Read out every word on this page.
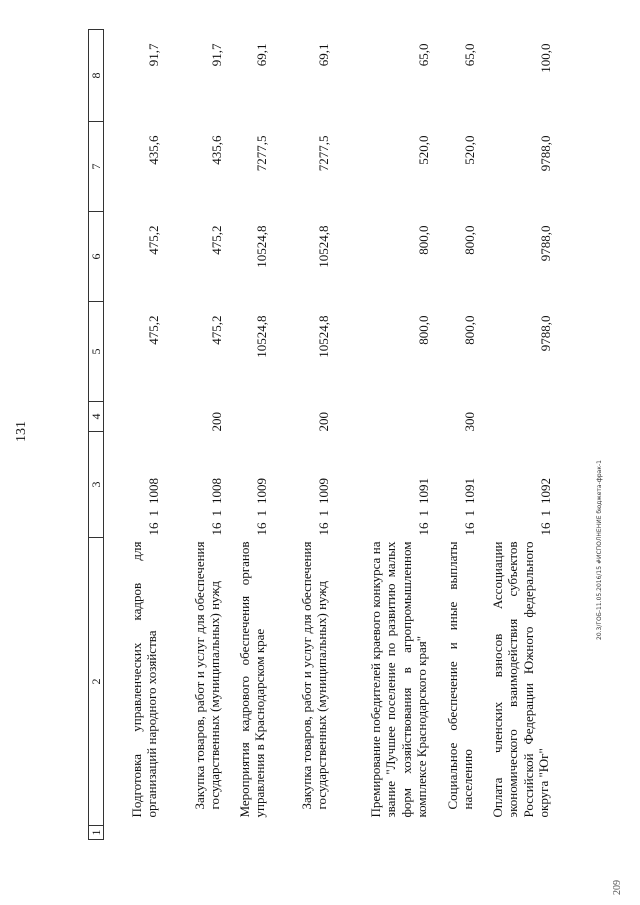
131
1	2	3	4	5	6	7	8
	Подготовка управленческих кадров для организаций народного хозяйства	1611008		475,2	475,2	435,6	91,7
	Закупка товаров, работ и услуг для обеспечения государственных (муниципальных) нужд	1611008	200	475,2	475,2	435,6	91,7
	Мероприятия кадрового обеспечения органов управления в Краснодарском крае	1611009		10524,8	10524,8	7277,5	69,1
	Закупка товаров, работ и услуг для обеспечения государственных (муниципальных) нужд	1611009	200	10524,8	10524,8	7277,5	69,1
	Премирование победителей краевого конкурса на звание "Лучшее поселение по развитию малых форм хозяйствования в агропромышленном комплексе Краснодарского края"	1611091		800,0	800,0	520,0	65,0
	Социальное обеспечение и иные выплаты населению	1611091	300	800,0	800,0	520,0	65,0
	Оплата членских взносов Ассоциации экономического взаимодействия субъектов Российской Федерации Южного федерального округа "Юг"	1611092		9788,0	9788,0	9788,0	100,0
20.3/ГОБ-11.05.2016/15 #ИСПОЛНЕНИЕ бюджета-фрак-1
209
